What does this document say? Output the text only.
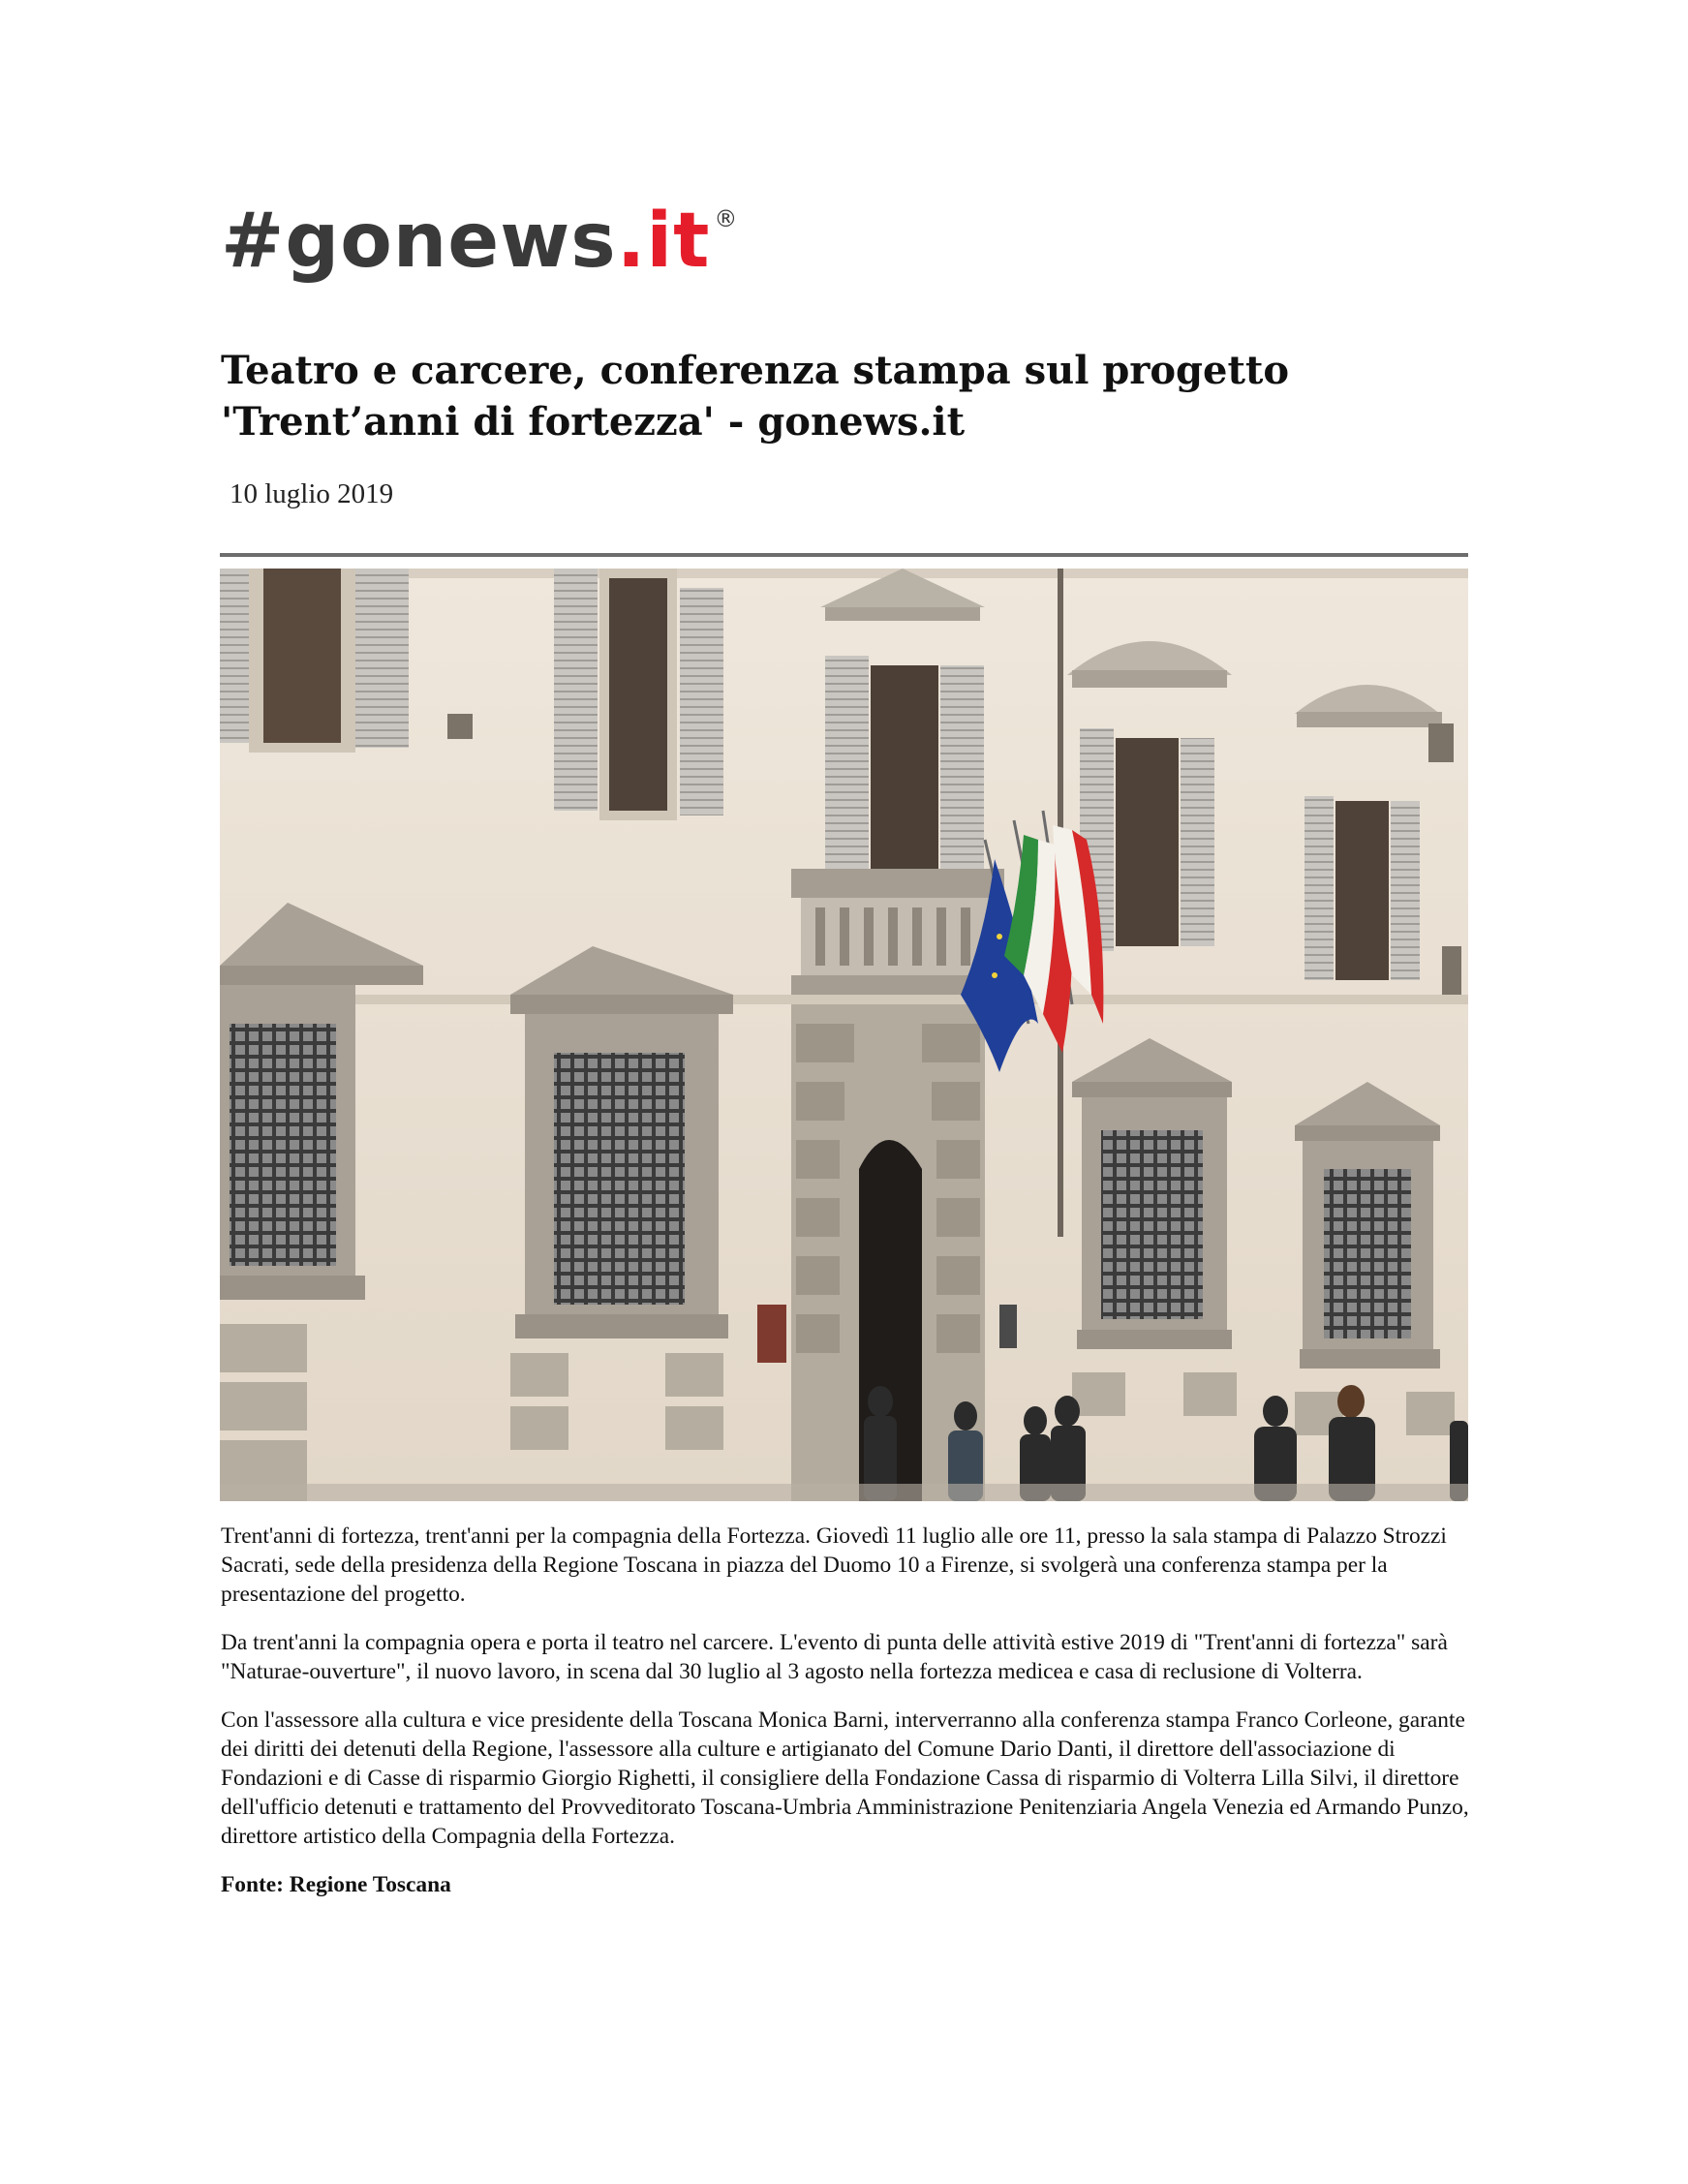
# gonews .it ®
Teatro e carcere, conferenza stampa sul progetto 'Trent’anni di fortezza' - gonews.it
10 luglio 2019

Trent'anni di fortezza, trent'anni per la compagnia della Fortezza. Giovedì 11 luglio alle ore 11, presso la sala stampa di Palazzo Strozzi Sacrati, sede della presidenza della Regione Toscana in piazza del Duomo 10 a Firenze, si svolgerà una conferenza stampa per la presentazione del progetto.

Da trent'anni la compagnia opera e porta il teatro nel carcere. L'evento di punta delle attività estive 2019 di "Trent'anni di fortezza" sarà "Naturae-ouverture", il nuovo lavoro, in scena dal 30 luglio al 3 agosto nella fortezza medicea e casa di reclusione di Volterra.

Con l'assessore alla cultura e vice presidente della Toscana Monica Barni, interverranno alla conferenza stampa Franco Corleone, garante dei diritti dei detenuti della Regione, l'assessore alla culture e artigianato del Comune Dario Danti, il direttore dell'associazione di Fondazioni e di Casse di risparmio Giorgio Righetti, il consigliere della Fondazione Cassa di risparmio di Volterra Lilla Silvi, il direttore dell'ufficio detenuti e trattamento del Provveditorato Toscana-Umbria Amministrazione Penitenziaria Angela Venezia ed Armando Punzo, direttore artistico della Compagnia della Fortezza.

Fonte: Regione Toscana
